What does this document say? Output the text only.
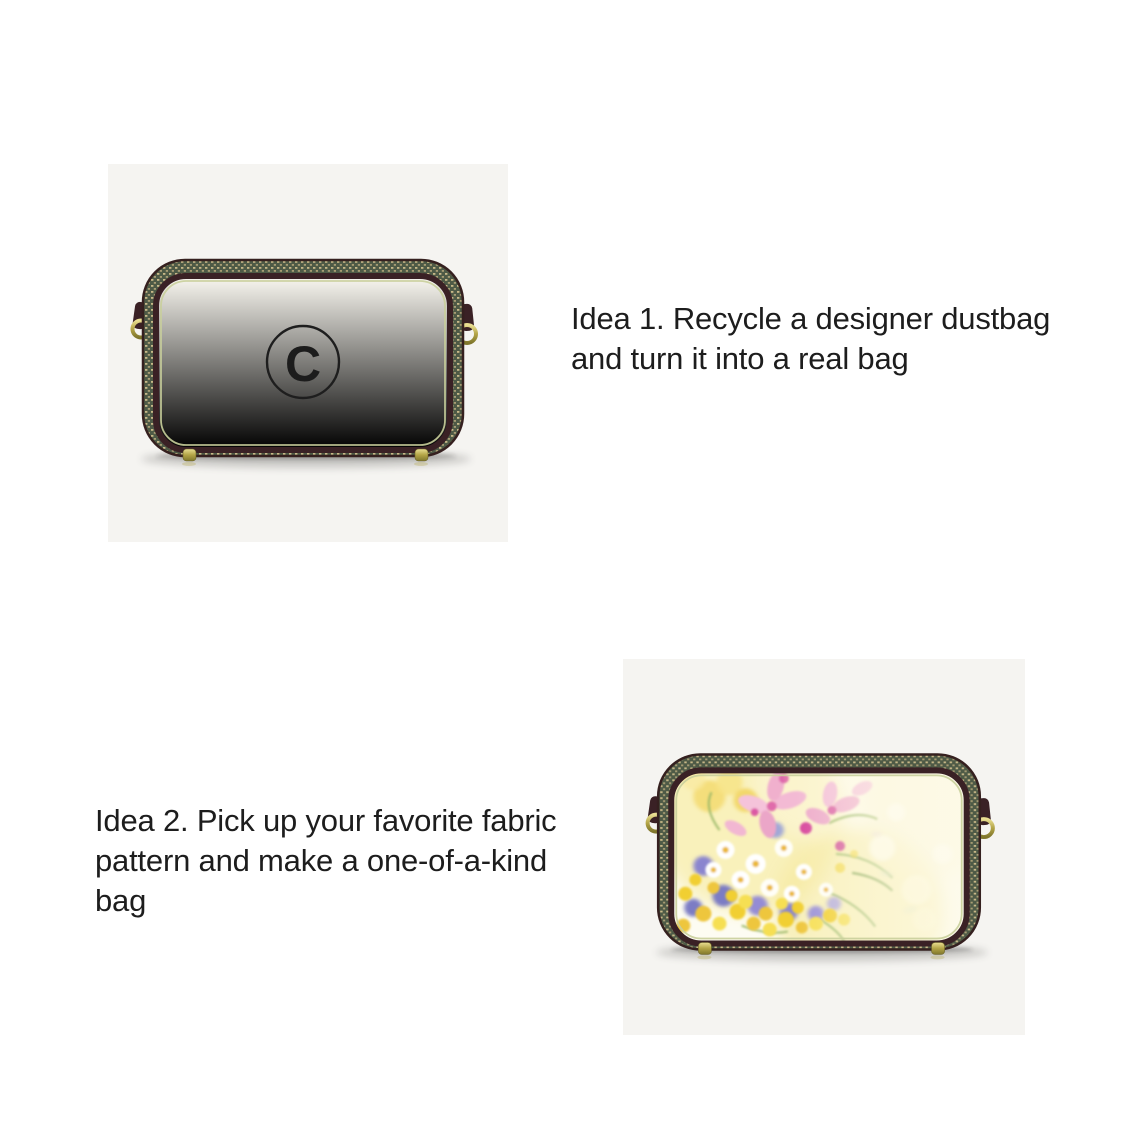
C
Idea 1. Recycle a designer dustbag
and turn it into a real bag
Idea 2. Pick up your favorite fabric
pattern and make a one-of-a-kind
bag
